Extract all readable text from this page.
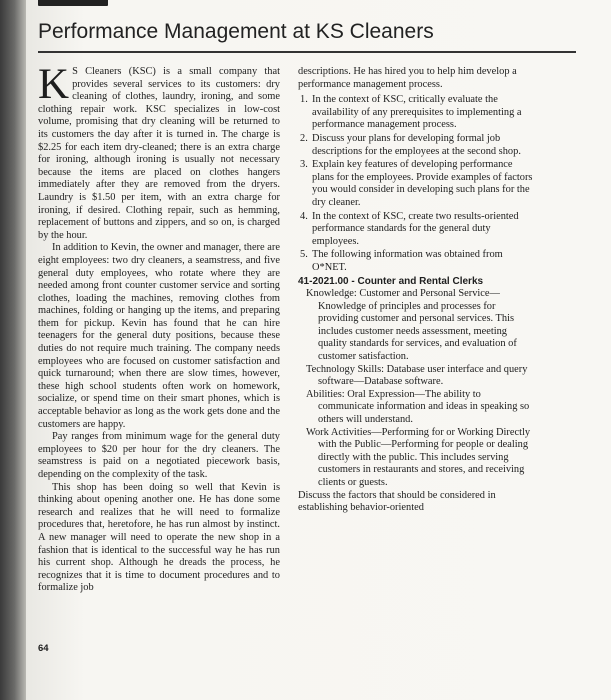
Performance Management at KS Cleaners

K S Cleaners (KSC) is a small company that provides several services to its customers: dry cleaning of clothes, laundry, ironing, and some clothing repair work. KSC specializes in low-cost volume, promising that dry cleaning will be returned to its customers the day after it is turned in. The charge is $2.25 for each item dry-cleaned; there is an extra charge for ironing, although ironing is usually not necessary because the items are placed on clothes hangers immediately after they are removed from the dryers. Laundry is $1.50 per item, with an extra charge for ironing, if desired. Clothing repair, such as hemming, replacement of buttons and zippers, and so on, is charged by the hour.

In addition to Kevin, the owner and manager, there are eight employees: two dry cleaners, a seamstress, and five general duty employees, who rotate where they are needed among front counter customer service and sorting clothes, loading the machines, removing clothes from machines, folding or hanging up the items, and preparing them for pickup. Kevin has found that he can hire teenagers for the general duty positions, because these duties do not require much training. The company needs employees who are focused on customer satisfaction and quick turnaround; when there are slow times, however, these high school students often work on homework, socialize, or spend time on their smart phones, which is acceptable behavior as long as the work gets done and the customers are happy.

Pay ranges from minimum wage for the general duty employees to $20 per hour for the dry cleaners. The seamstress is paid on a negotiated piecework basis, depending on the complexity of the task.

This shop has been doing so well that Kevin is thinking about opening another one. He has done some research and realizes that he will need to formalize procedures that, heretofore, he has run almost by instinct. A new manager will need to operate the new shop in a fashion that is identical to the successful way he has run his current shop. Although he dreads the process, he recognizes that it is time to document procedures and to formalize job

descriptions. He has hired you to help him develop a performance management process.

1. In the context of KSC, critically evaluate the availability of any prerequisites to implementing a performance management process.
2. Discuss your plans for developing formal job descriptions for the employees at the second shop.
3. Explain key features of developing performance plans for the employees. Provide examples of factors you would consider in developing such plans for the dry cleaner.
4. In the context of KSC, create two results-oriented performance standards for the general duty employees.
5. The following information was obtained from O*NET.

41-2021.00 - Counter and Rental Clerks

Knowledge: Customer and Personal Service—Knowledge of principles and processes for providing customer and personal services. This includes customer needs assessment, meeting quality standards for services, and evaluation of customer satisfaction.

Technology Skills: Database user interface and query software—Database software.

Abilities: Oral Expression—The ability to communicate information and ideas in speaking so others will understand.

Work Activities—Performing for or Working Directly with the Public—Performing for people or dealing directly with the public. This includes serving customers in restaurants and stores, and receiving clients or guests.

Discuss the factors that should be considered in establishing behavior-oriented

64
